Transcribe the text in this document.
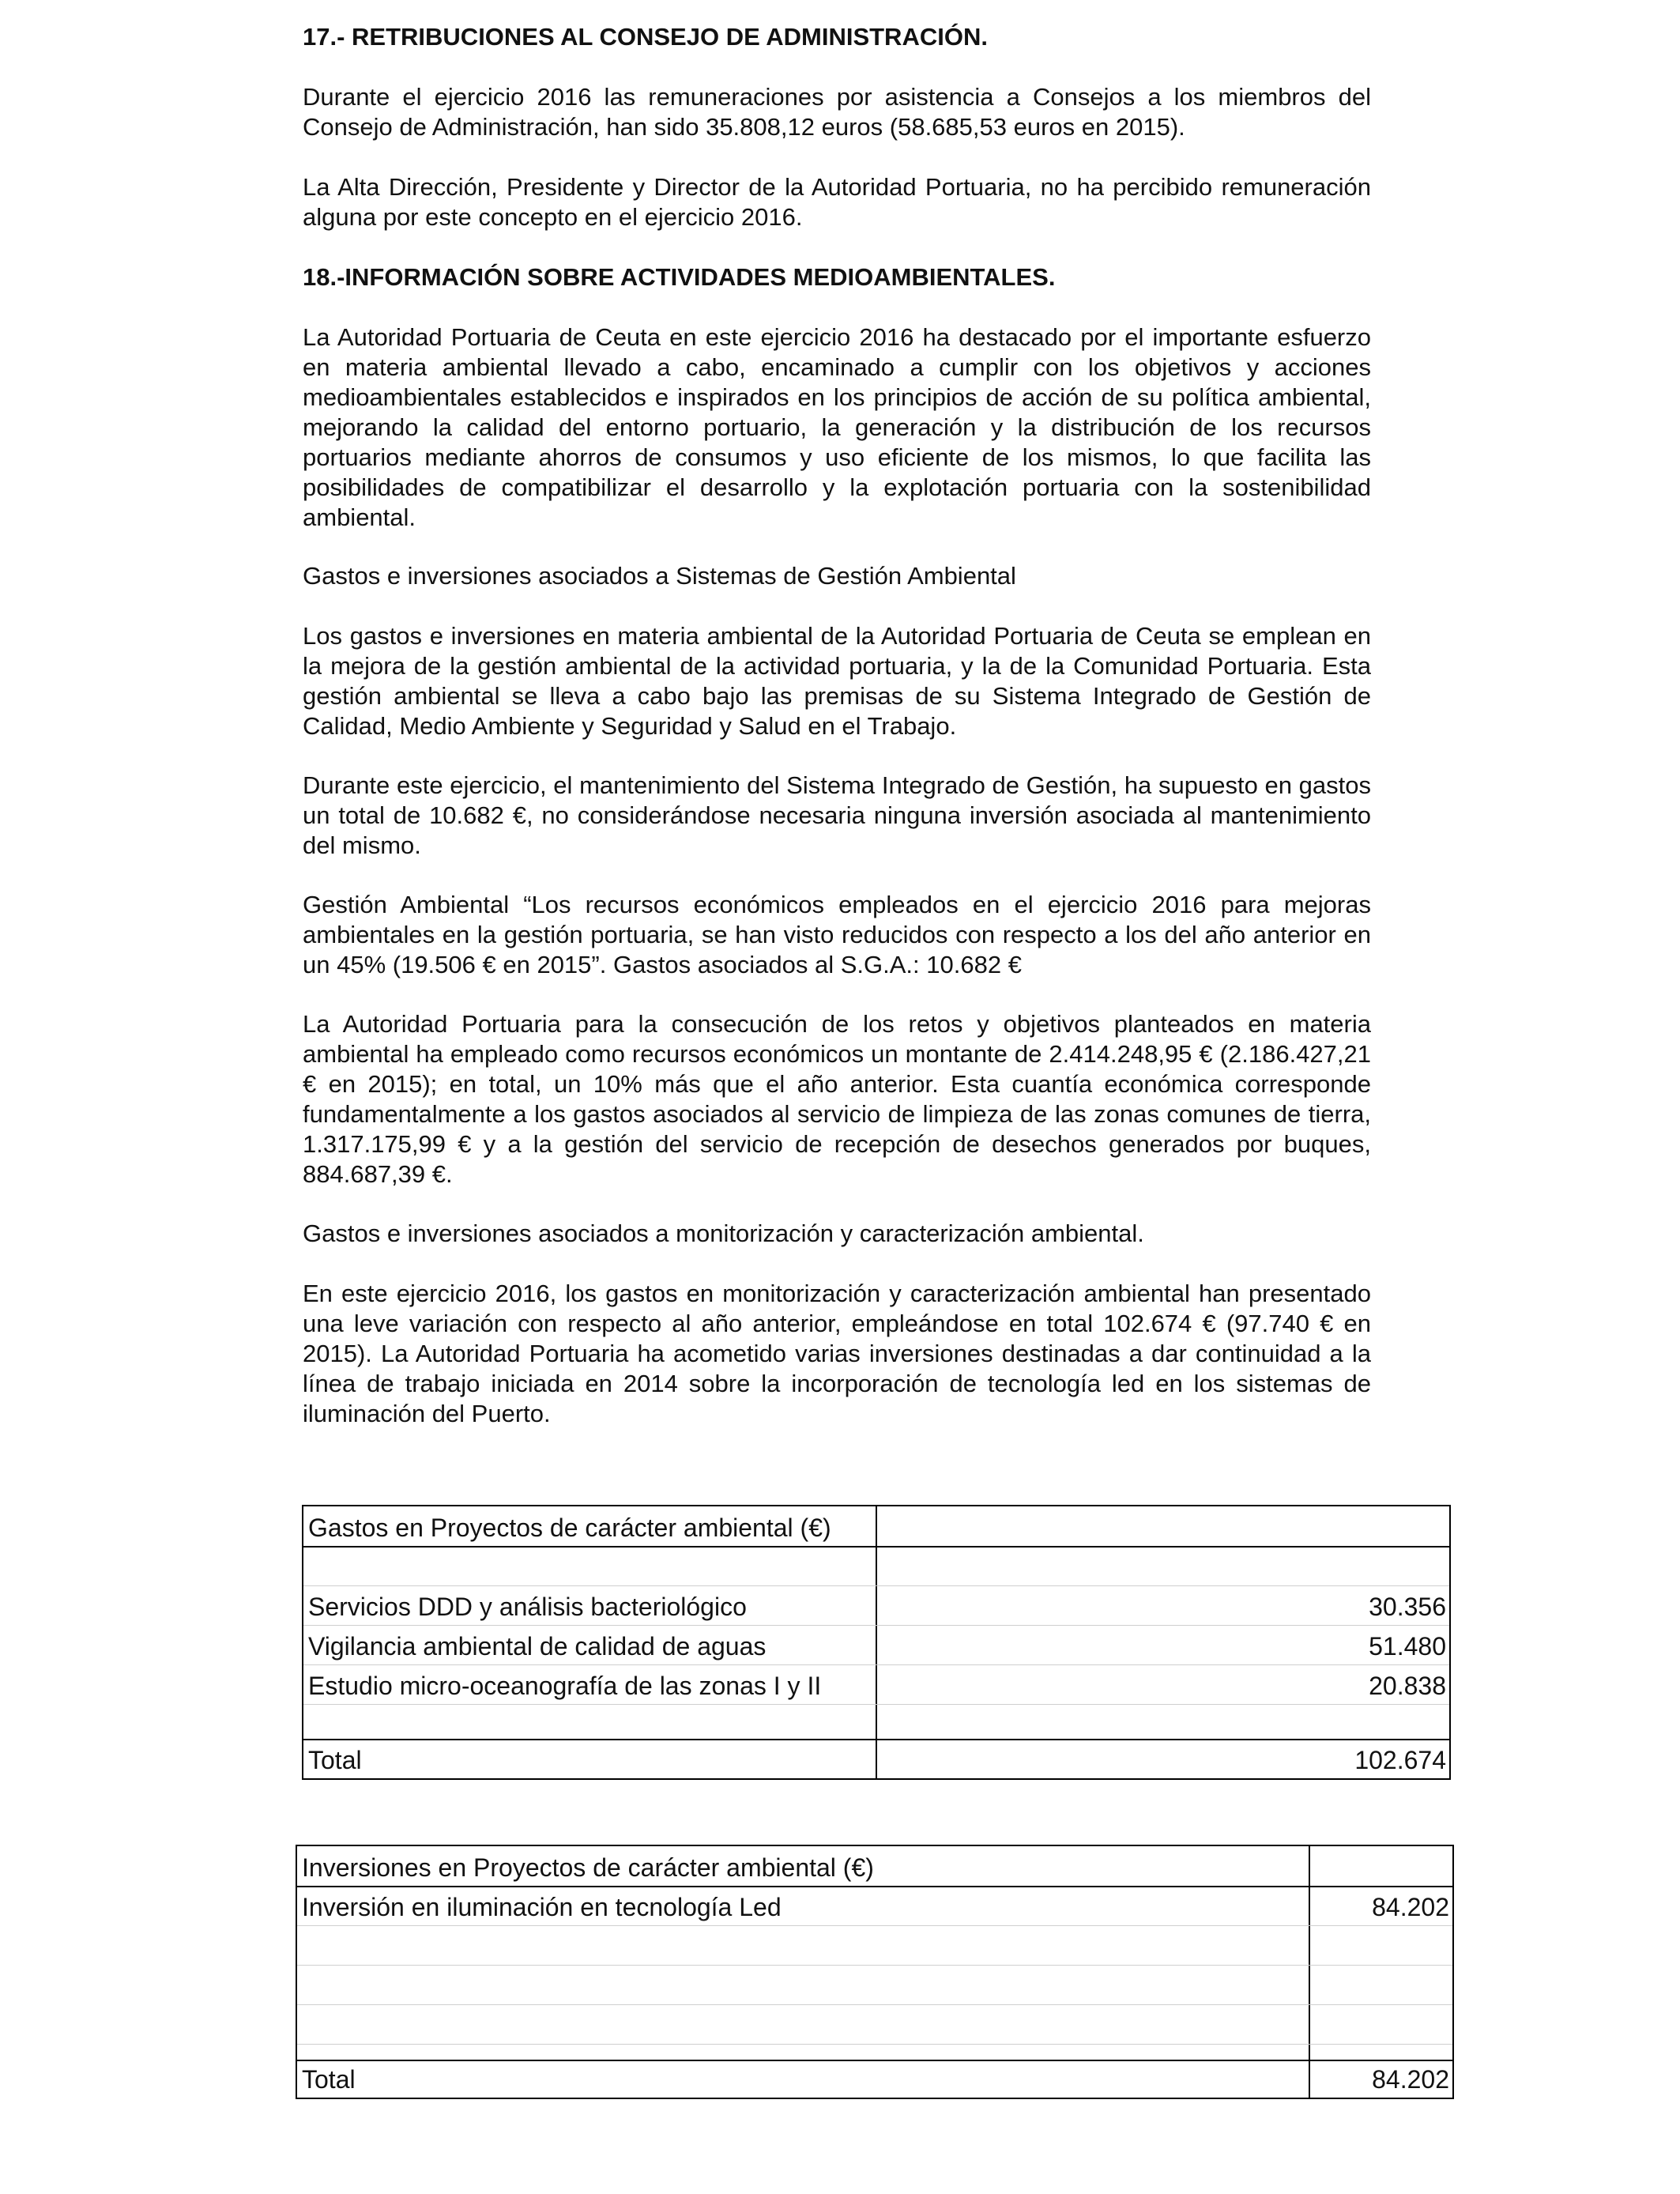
17.- RETRIBUCIONES AL CONSEJO DE ADMINISTRACIÓN.

Durante el ejercicio 2016 las remuneraciones por asistencia a Consejos a los miembros del Consejo de Administración, han sido 35.808,12 euros (58.685,53 euros en 2015).

La Alta Dirección, Presidente y Director de la Autoridad Portuaria, no ha percibido remuneración alguna por este concepto en el ejercicio 2016.

18.-INFORMACIÓN SOBRE ACTIVIDADES MEDIOAMBIENTALES.

La Autoridad Portuaria de Ceuta en este ejercicio 2016 ha destacado por el importante esfuerzo en materia ambiental llevado a cabo, encaminado a cumplir con los objetivos y acciones medioambientales establecidos e inspirados en los principios de acción de su política ambiental, mejorando la calidad del entorno portuario, la generación y la distribución de los recursos portuarios mediante ahorros de consumos y uso eficiente de los mismos, lo que facilita las posibilidades de compatibilizar el desarrollo y la explotación portuaria con la sostenibilidad ambiental.

Gastos e inversiones asociados a Sistemas de Gestión Ambiental

Los gastos e inversiones en materia ambiental de la Autoridad Portuaria de Ceuta se emplean en la mejora de la gestión ambiental de la actividad portuaria, y la de la Comunidad Portuaria. Esta gestión ambiental se lleva a cabo bajo las premisas de su Sistema Integrado de Gestión de Calidad, Medio Ambiente y Seguridad y Salud en el Trabajo.

Durante este ejercicio, el mantenimiento del Sistema Integrado de Gestión, ha supuesto en gastos un total de 10.682 €, no considerándose necesaria ninguna inversión asociada al mantenimiento del mismo.

Gestión Ambiental “Los recursos económicos empleados en el ejercicio 2016 para mejoras ambientales en la gestión portuaria, se han visto reducidos con respecto a los del año anterior en un 45% (19.506 € en 2015”. Gastos asociados al S.G.A.: 10.682 €

La Autoridad Portuaria para la consecución de los retos y objetivos planteados en materia ambiental ha empleado como recursos económicos un montante de 2.414.248,95 € (2.186.427,21 € en 2015); en total, un 10% más que el año anterior. Esta cuantía económica corresponde fundamentalmente a los gastos asociados al servicio de limpieza de las zonas comunes de tierra, 1.317.175,99 € y a la gestión del servicio de recepción de desechos generados por buques, 884.687,39 €.

Gastos e inversiones asociados a monitorización y caracterización ambiental.

En este ejercicio 2016, los gastos en monitorización y caracterización ambiental han presentado una leve variación con respecto al año anterior, empleándose en total 102.674 € (97.740 € en 2015). La Autoridad Portuaria ha acometido varias inversiones destinadas a dar continuidad a la línea de trabajo iniciada en 2014 sobre la incorporación de tecnología led en los sistemas de iluminación del Puerto.

Gastos en Proyectos de carácter ambiental (€)
Servicios DDD y análisis bacteriológico	30.356
Vigilancia ambiental de calidad de aguas	51.480
Estudio micro-oceanografía de las zonas I y II	20.838
Total	102.674
Inversiones en Proyectos de carácter ambiental (€)
Inversión en iluminación en tecnología Led	84.202
Total	84.202
